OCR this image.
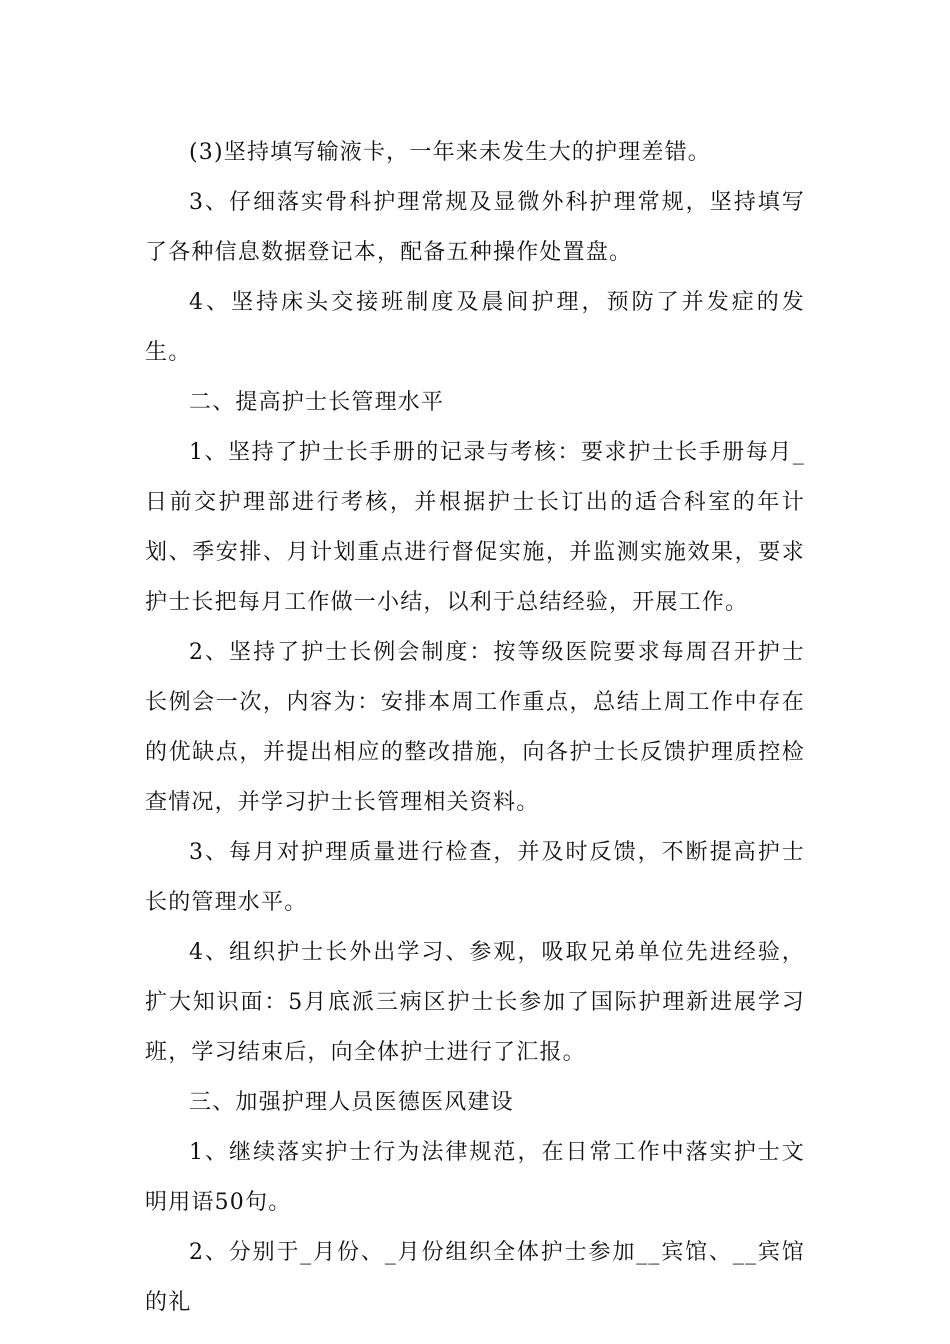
(3)坚持填写输液卡，一年来未发生大的护理差错。

3、仔细落实骨科护理常规及显微外科护理常规，坚持填写了各种信息数据登记本，配备五种操作处置盘。

4、坚持床头交接班制度及晨间护理，预防了并发症的发生。

二、提高护士长管理水平

1、坚持了护士长手册的记录与考核：要求护士长手册每月_日前交护理部进行考核，并根据护士长订出的适合科室的年计划、季安排、月计划重点进行督促实施，并监测实施效果，要求护士长把每月工作做一小结，以利于总结经验，开展工作。

2、坚持了护士长例会制度：按等级医院要求每周召开护士长例会一次，内容为：安排本周工作重点，总结上周工作中存在的优缺点，并提出相应的整改措施，向各护士长反馈护理质控检查情况，并学习护士长管理相关资料。

3、每月对护理质量进行检查，并及时反馈，不断提高护士长的管理水平。

4、组织护士长外出学习、参观，吸取兄弟单位先进经验，扩大知识面：5月底派三病区护士长参加了国际护理新进展学习班，学习结束后，向全体护士进行了汇报。

三、加强护理人员医德医风建设

1、继续落实护士行为法律规范，在日常工作中落实护士文明用语50句。

2、分别于_月份、_月份组织全体护士参加__宾馆、__宾馆的礼
